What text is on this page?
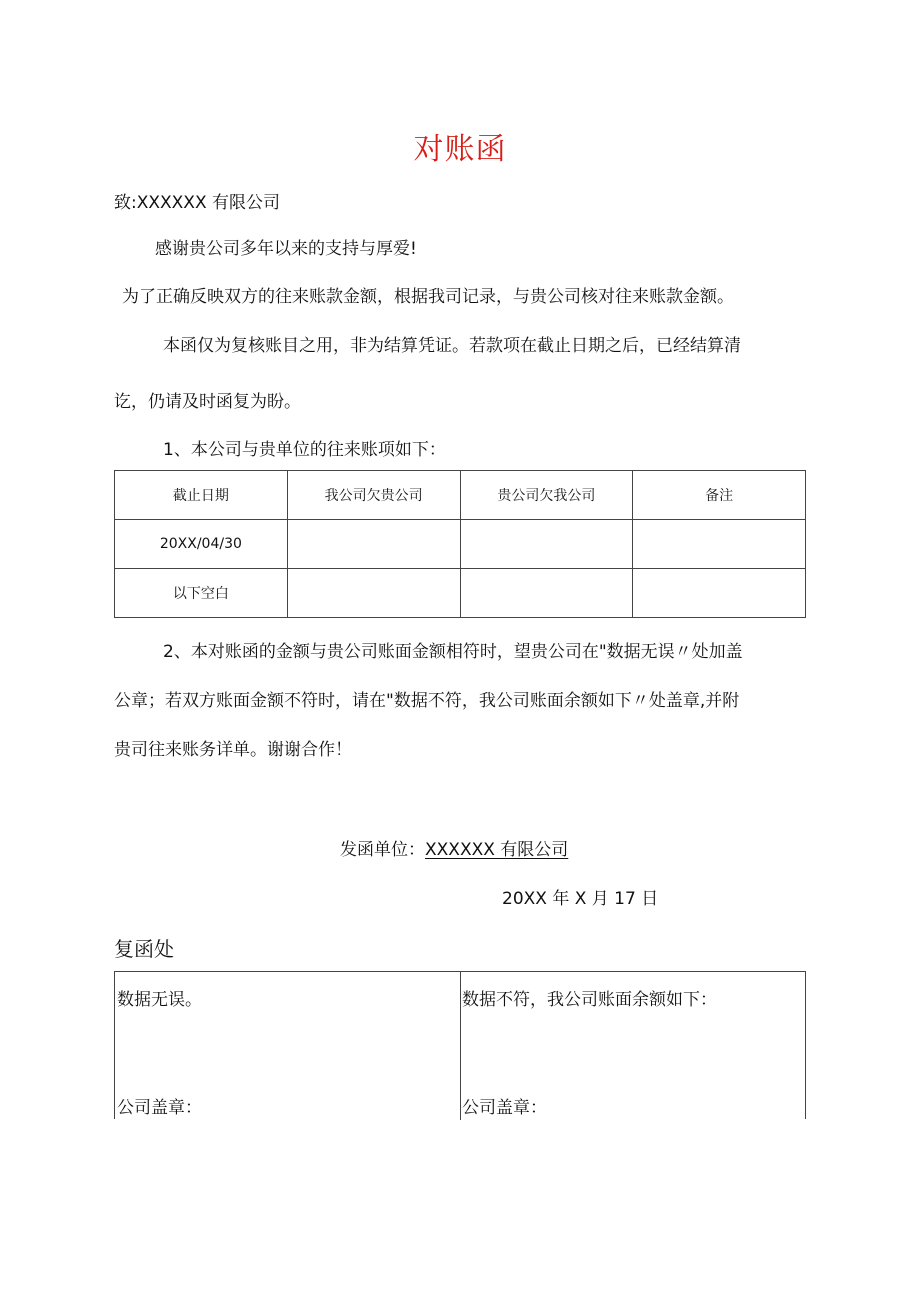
对账函
致:XXXXXX 有限公司
感谢贵公司多年以来的支持与厚爱!
为了正确反映双方的往来账款金额，根据我司记录，与贵公司核对往来账款金额。
本函仅为复核账目之用，非为结算凭证。若款项在截止日期之后，已经结算清
讫，仍请及时函复为盼。
1、本公司与贵单位的往来账项如下：
截止日期	我公司欠贵公司	贵公司欠我公司	备注
20XX/04/30			
以下空白			
2、本对账函的金额与贵公司账面金额相符时，望贵公司在"数据无误〃处加盖
公章；若双方账面金额不符时，请在"数据不符，我公司账面余额如下〃处盖章,并附
贵司往来账务详单。谢谢合作！
发函单位：XXXXXX 有限公司
20XX 年 X 月 17 日
复函处
数据无误。	数据不符，我公司账面余额如下：
公司盖章：	公司盖章：
